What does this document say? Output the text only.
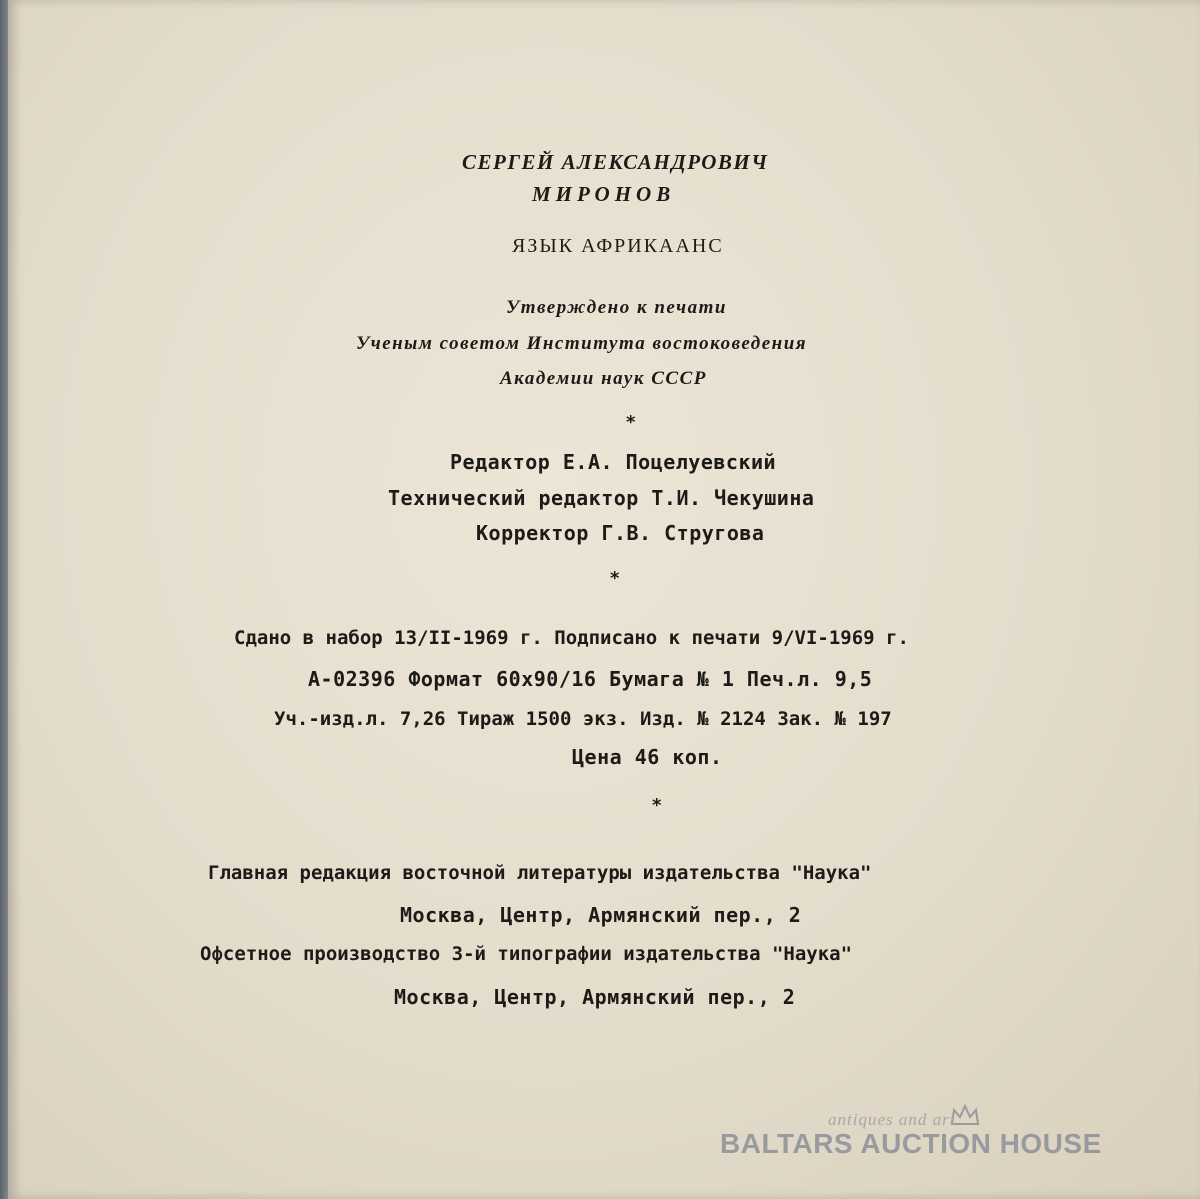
СЕРГЕЙ АЛЕКСАНДРОВИЧ
МИРОНОВ
ЯЗЫК АФРИКААНС
Утверждено к печати
Ученым советом Института востоковедения
Академии наук СССР
*
Редактор Е.А. Поцелуевский
Технический редактор Т.И. Чекушина
Корректор Г.В. Стругова
*
Сдано в набор 13/II-1969 г. Подписано к печати 9/VI-1969 г.
А-02396 Формат 60х90/16 Бумага № 1 Печ.л. 9,5
Уч.-изд.л. 7,26 Тираж 1500 экз. Изд. № 2124 Зак. № 197
Цена 46 коп.
*
Главная редакция восточной литературы издательства "Наука"
Москва, Центр, Армянский пер., 2
Офсетное производство 3-й типографии издательства "Наука"
Москва, Центр, Армянский пер., 2
antiques and art
BALTARS AUCTION HOUSE
